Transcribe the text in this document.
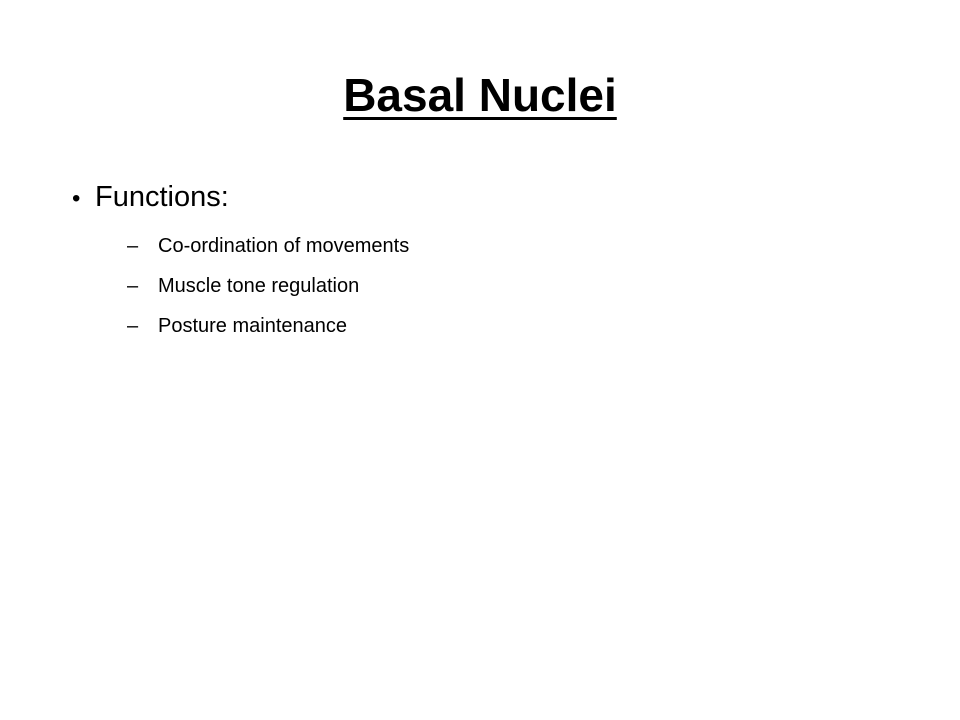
Basal Nuclei
• Functions:
– Co-ordination of movements
– Muscle tone regulation
– Posture maintenance
